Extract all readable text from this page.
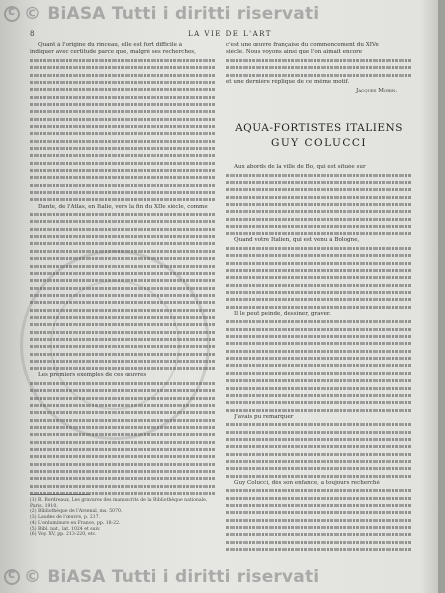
c
© BiASA Tutti i diritti riservati
8	LA VIE DE L'ART
Quant à l'origine du rinceau, elle est fort difficile à
indiquer avec certitude parce que, malgré ses recherches,
Dante, de l'Atlas, en Italie, vers la fin du XIIe siècle, comme
Les premiers exemples de ces œuvres
(1) R. Bordreaux, Les gravures des manuscrits de la Bibliothèque nationale, Paris, 1910.
(2) Bibliothèque de l'Arsenal, ms. 5070.
(3) Laudes de l'œuvre, p. 217.
(4) L'enluminure en France, pp. 18-22.
(5) Bibl. nat., lat. 1024 et suiv.
(6) Voy. XV, pp. 213-220, etc.
c'est une œuvre française du commencement du XIVe
siècle. Nous voyons ainsi que l'on aimait encore
et une dernière réplique de ce même motif.
Jacques Morin.
AQUA-FORTISTES ITALIENS
GUY COLUCCI
Aux abords de la ville de Bo, qui est située sur
Quand votre Italien, qui est venu à Bologne,
Il le peut peinde, dessiner, graver.
J'avais pu remarquer
Guy Colucci, dès son enfance, a toujours recherché
c
© BiASA Tutti i diritti riservati
